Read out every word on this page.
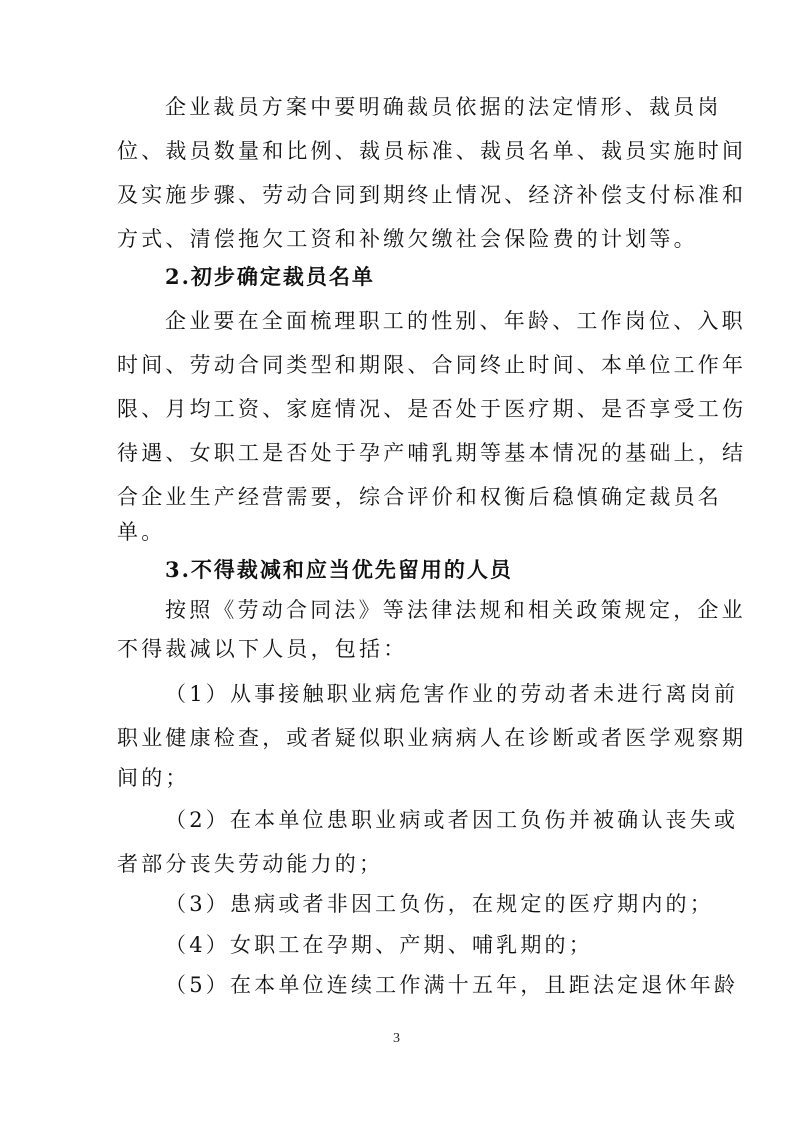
企业裁员方案中要明确裁员依据的法定情形、裁员岗
位、裁员数量和比例、裁员标准、裁员名单、裁员实施时间
及实施步骤、劳动合同到期终止情况、经济补偿支付标准和
方式、清偿拖欠工资和补缴欠缴社会保险费的计划等。
2.初步确定裁员名单
企业要在全面梳理职工的性别、年龄、工作岗位、入职
时间、劳动合同类型和期限、合同终止时间、本单位工作年
限、月均工资、家庭情况、是否处于医疗期、是否享受工伤
待遇、女职工是否处于孕产哺乳期等基本情况的基础上，结
合企业生产经营需要，综合评价和权衡后稳慎确定裁员名
单。
3.不得裁减和应当优先留用的人员
按照《劳动合同法》等法律法规和相关政策规定，企业
不得裁减以下人员，包括：
（1）从事接触职业病危害作业的劳动者未进行离岗前
职业健康检查，或者疑似职业病病人在诊断或者医学观察期
间的；
（2）在本单位患职业病或者因工负伤并被确认丧失或
者部分丧失劳动能力的；
（3）患病或者非因工负伤，在规定的医疗期内的；
（4）女职工在孕期、产期、哺乳期的；
（5）在本单位连续工作满十五年，且距法定退休年龄
3
